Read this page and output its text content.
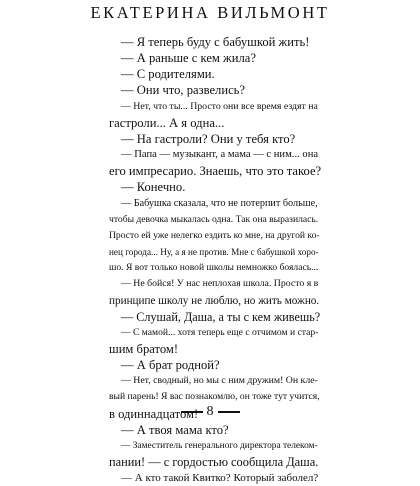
ЕКАТЕРИНА ВИЛЬМОНТ

— Я теперь буду с бабушкой жить!

— А раньше с кем жила?

— С родителями.

— Они что, развелись?

— Нет, что ты... Просто они все время ездят на

гастроли... А я одна...

— На гастроли? Они у тебя кто?

— Папа — музыкант, а мама — с ним... она

его импресарио. Знаешь, что это такое?

— Конечно.

— Бабушка сказала, что не потерпит больше,

чтобы девочка мыкалась одна. Так она выразилась.

Просто ей уже нелегко ездить ко мне, на другой ко-

нец города... Ну, а я не против. Мне с бабушкой хоро-

шо. Я вот только новой школы немножко боялась...

— Не бойся! У нас неплохая школа. Просто я в

принципе школу не люблю, но жить можно.

— Слушай, Даша, а ты с кем живешь?

— С мамой... хотя теперь еще с отчимом и стар-

шим братом!

— А брат родной?

— Нет, сводный, но мы с ним дружим! Он кле-

вый парень! Я вас познакомлю, он тоже тут учится,

в одиннадцатом!

— А твоя мама кто?

— Заместитель генерального директора телеком-

пании! — с гордостью сообщила Даша.

— А кто такой Квитко? Который заболел?

8
